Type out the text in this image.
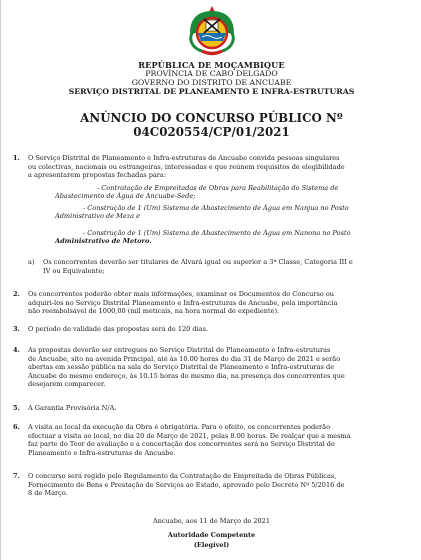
REPÚBLICA DE MOÇAMBIQUE
PROVÍNCIA DE CABO DELGADO
GOVERNO DO DISTRITO DE ANCUABE
SERVIÇO DISTRITAL DE PLANEAMENTO E INFRA-ESTRUTURAS
ANÚNCIO DO CONCURSO PÚBLICO Nº 04C020554/CP/01/2021
1. O Serviço Distrital de Planeamento e Infra-estruturas de Ancuabe convida pessoas singulares
ou colectivas, nacionais ou estrangeiras, interessadas e que reúnem requisitos de elegibilidade
a apresentarem propostas fechadas para:
- Contratação de Empreitadas de Obras para Reabilitação do Sistema de
Abastecimento de Água de Ancuabe-Sede;
- Construção de 1 (Um) Sistema de Abastecimento de Água em Nanjua no Posto
Administrativo de Meza e
- Construção de 1 (Um) Sistema de Abastecimento de Água em Nanona no Posto
Administrativo de Metoro.
a) Os concorrentes deverão ser titulares de Alvará igual ou superior a 3ª Classe, Categoria III e
IV ou Equivalente;
2. Os concorrentes poderão obter mais informações, examinar os Documentos do Concurso ou
adquiri-los no Serviço Distrital Planeamento e Infra-estruturas de Ancuabe, pela importância
não reembolsável de 1000,00 (mil meticais, na hora normal de expediente).
3. O período de validade das propostas será de 120 dias.
4. As propostas deverão ser entregues no Serviço Distrital de Planeamento e Infra-estruturas
de Ancuabe, sito na avenida Principal, até às 10.00 horas do dia 31 de Março de 2021 e serão
abertas em sessão pública na sala do Serviço Distrital de Planeamento e Infra-estruturas de
Ancuabe do mesmo endereço, às 10.15 horas do mesmo dia, na presença dos concorrentes que
desejarem comparecer.
5. A Garantia Provisória N/A.
6. A visita ao local da execução da Obra é obrigatória. Para o efeito, os concorrentes poderão
efectuar a visita ao local, no dia 20 de Março de 2021, pelas 8.00 horas. De realçar que a mesma
faz parte do Teor de avaliação e a concertação dos concorrentes será no Serviço Distrital de
Planeamento e Infra-estruturas de Ancuabe.
7. O concurso será regido pelo Regulamento da Contratação de Empreitada de Obras Públicas,
Fornecimento de Bens e Prestação de Serviços ao Estado, aprovado pelo Decreto Nº 5/2016 de
8 de Março.
Ancuabe, aos 11 de Março de 2021
Autoridade Competente
(Elegível)
